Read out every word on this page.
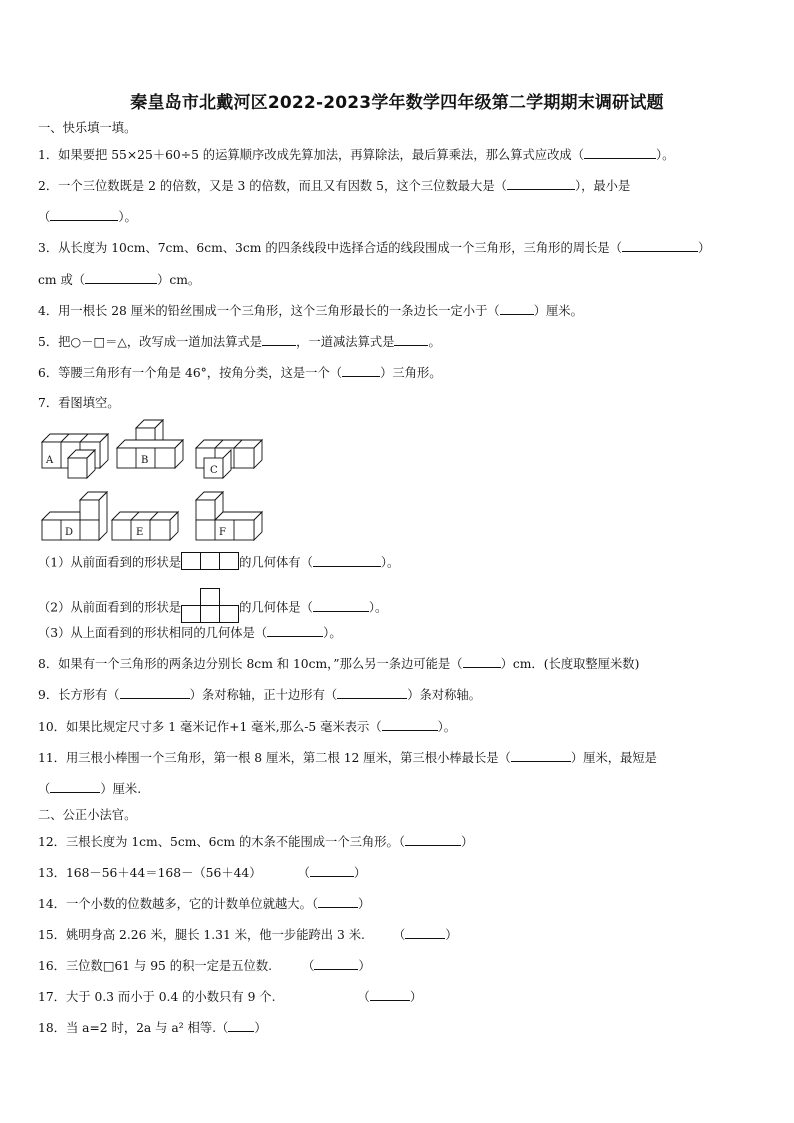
秦皇岛市北戴河区2022-2023学年数学四年级第二学期期末调研试题
一、快乐填一填。
1．如果要把 55×25＋60÷5 的运算顺序改成先算加法，再算除法，最后算乘法，那么算式应改成（	）。
2．一个三位数既是 2 的倍数，又是 3 的倍数，而且又有因数 5，这个三位数最大是（	），最小是
（	）。
3．从长度为 10cm、7cm、6cm、3cm 的四条线段中选择合适的线段围成一个三角形，三角形的周长是（	）
cm 或（	）cm。
4．用一根长 28 厘米的铅丝围成一个三角形，这个三角形最长的一条边长一定小于（	）厘米。
5．把○－□＝△，改写成一道加法算式是	，一道减法算式是	。
6．等腰三角形有一个角是 46°，按角分类，这是一个（	）三角形。
7．看图填空。
A	B
C
D	E	F
（1）从前面看到的形状是	的几何体有（	）。
（2）从前面看到的形状是	的几何体是（	）。
（3）从上面看到的形状相同的几何体是（	）。
8．如果有一个三角形的两条边分别长 8cm 和 10cm，”那么另一条边可能是（	）cm．(长度取整厘米数)
9．长方形有（	）条对称轴，正十边形有（	）条对称轴。
10．如果比规定尺寸多 1 毫米记作+1 毫米,那么-5 毫米表示（	）。
11．用三根小棒围一个三角形，第一根 8 厘米，第二根 12 厘米，第三根小棒最长是（	）厘米，最短是
（	）厘米.
二、公正小法官。
12．三根长度为 1cm、5cm、6cm 的木条不能围成一个三角形。（	）
13．168－56＋44＝168－（56＋44）	（	）
14．一个小数的位数越多，它的计数单位就越大。（	）
15．姚明身高 2.26 米，腿长 1.31 米，他一步能跨出 3 米. （	）
16．三位数□61 与 95 的积一定是五位数. （	）
17．大于 0.3 而小于 0.4 的小数只有 9 个.	（	）
18．当 a=2 时，2a 与 a² 相等.（ ）
